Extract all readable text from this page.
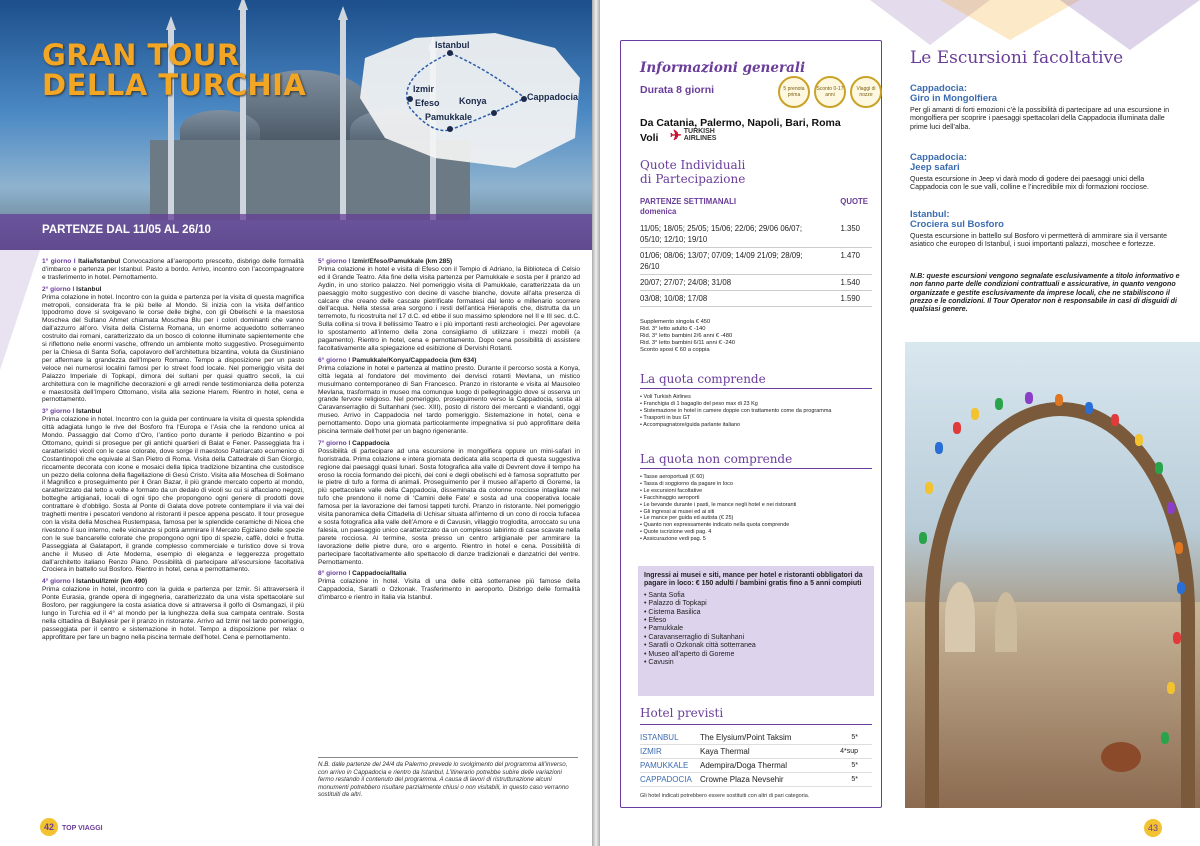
Istanbul
Izmir
Efeso Konya	Cappadocia
Pamukkale
GRAN TOUR
DELLA TURCHIA
PARTENZE DAL 11/05 AL 26/10

1° giorno I Italia/Istanbul Convocazione all’aeroporto prescelto, disbrigo delle formalità d’imbarco e partenza per Istanbul. Pasto a bordo. Arrivo, incontro con l’accompagnatore e trasferimento in hotel. Pernottamento.

2° giorno I Istanbul
Prima colazione in hotel. Incontro con la guida e partenza per la visita di questa magnifica metropoli, considerata fra le più belle al Mondo. Si inizia con la visita dell’antico Ippodromo dove si svolgevano le corse delle bighe, con gli Obelischi e la maestosa Moschea del Sultano Ahmet chiamata Moschea Blu per i colori dominanti che vanno dall’azzurro all’oro. Visita della Cisterna Romana, un enorme acquedotto sotterraneo costruito dai romani, caratterizzato da un bosco di colonne illuminate sapientemente che si riflettono nelle enormi vasche, offrendo un ambiente molto suggestivo. Proseguimento per la Chiesa di Santa Sofia, capolavoro dell’architettura bizantina, voluta da Giustiniano per affermare la grandezza dell’Impero Romano. Tempo a disposizione per un pasto veloce nei numerosi localini famosi per lo street food locale. Nel pomeriggio visita del Palazzo Imperiale di Topkapi, dimora dei sultani per quasi quattro secoli, la cui architettura con le magnifiche decorazioni e gli arredi rende testimonianza della potenza e maestosità dell’Impero Ottomano, visita alla sezione Harem. Rientro in hotel, cena e pernottamento.

3° giorno I Istanbul
Prima colazione in hotel. Incontro con la guida per continuare la visita di questa splendida città adagiata lungo le rive del Bosforo fra l’Europa e l’Asia che la rendono unica al Mondo. Passaggio dal Corno d’Oro, l’antico porto durante il periodo Bizantino e poi Ottomano, quindi si prosegue per gli antichi quartieri di Balat e Fener. Passeggiata fra i caratteristici vicoli con le case colorate, dove sorge il maestoso Patriarcato ecumenico di Costantinopoli che equivale al San Pietro di Roma. Visita della Cattedrale di San Giorgio, riccamente decorata con icone e mosaici della tipica tradizione bizantina che custodisce un pezzo della colonna della flagellazione di Gesù Cristo. Visita alla Moschea di Solimano il Magnifico e proseguimento per il Gran Bazar, il più grande mercato coperto al mondo, caratterizzato dal tetto a volte e formato da un dedalo di vicoli su cui si affacciano negozi, botteghe artigianali, locali di ogni tipo che propongono ogni genere di prodotti dove contrattare è d’obbligo. Sosta al Ponte di Galata dove potrete contemplare il via vai dei traghetti mentre i pescatori vendono al ristoranti il pesce appena pescato. Il tour prosegue con la visita della Moschea Rustempasa, famosa per le splendide ceramiche di Nicea che rivestono il suo interno, nelle vicinanze si potrà ammirare il Mercato Egiziano delle spezie con le sue bancarelle colorate che propongono ogni tipo di spezie, caffè, dolci e frutta. Passeggiata al Galataport, il grande complesso commerciale e turistico dove si trova anche il Museo di Arte Moderna, esempio di eleganza e leggerezza progettato dall’architetto italiano Renzo Piano. Possibilità di partecipare all’escursione facoltativa Crociera in battello sul Bosforo. Rientro in hotel, cena e pernottamento.

4° giorno I Istanbul/Izmir (km 490)
Prima colazione in hotel, incontro con la guida e partenza per Izmir. Si attraverserà il Ponte Eurasia, grande opera di ingegneria, caratterizzato da una vista spettacolare sul Bosforo, per raggiungere la costa asiatica dove si attraversa il golfo di Osmangazi, il più lungo in Turchia ed il 4° al mondo per la lunghezza della sua campata centrale. Sosta nella cittadina di Balykesir per il pranzo in ristorante. Arrivo ad Izmir nel tardo pomeriggio, passeggiata per il centro e sistemazione in hotel. Tempo a disposizione per relax o approfittare per fare un bagno nella piscina termale dell’hotel. Cena e pernottamento.

5° giorno I Izmir/Efeso/Pamukkale (km 285)
Prima colazione in hotel e visita di Efeso con il Tempio di Adriano, la Biblioteca di Celsio ed il Grande Teatro. Alla fine della visita partenza per Pamukkale e sosta per il pranzo ad Aydin, in uno storico palazzo. Nel pomeriggio visita di Pamukkale, caratterizzata da un paesaggio molto suggestivo con decine di vasche bianche, dovute all’alta presenza di calcare che creano delle cascate pietrificate formatesi dal lento e millenario scorrere dell’acqua. Nella stessa area sorgono i resti dell’antica Hierapolis che, distrutta da un terremoto, fu ricostruita nel 17 d.C. ed ebbe il suo massimo splendore nel II e III sec. d.C. Sulla collina si trova il bellissimo Teatro e i più importanti resti archeologici. Per agevolare lo spostamento all’interno della zona consigliamo di utilizzare i mezzi mobili (a pagamento). Rientro in hotel, cena e pernottamento. Dopo cena possibilità di assistere facoltativamente alla spiegazione ed esibizione di Dervishi Rotanti.

6° giorno I Pamukkale/Konya/Cappadocia (km 634)
Prima colazione in hotel e partenza al mattino presto. Durante il percorso sosta a Konya, città legata al fondatore del movimento dei dervisci rotanti Mevlana, un mistico musulmano contemporaneo di San Francesco. Pranzo in ristorante e visita al Mausoleo Mevlana, trasformato in museo ma comunque luogo di pellegrinaggio dove si osserva un grande fervore religioso. Nel pomeriggio, proseguimento verso la Cappadocia, sosta al Caravanserraglio di Sultanhani (sec. XIII), posto di ristoro dei mercanti e viandanti, oggi museo. Arrivo in Cappadocia nel tardo pomeriggio. Sistemazione in hotel, cena e pernottamento. Dopo una giornata particolarmente impegnativa si può approfittare della piscina termale dell’hotel per un bagno rigenerante.

7° giorno I Cappadocia
Possibilità di partecipare ad una escursione in mongolfiera oppure un mini-safari in fuoristrada. Prima colazione e intera giornata dedicata alla scoperta di questa suggestiva regione dai paesaggi quasi lunari. Sosta fotografica alla valle di Devrent dove il tempo ha eroso la roccia formando dei picchi, dei coni e degli obelischi ed è famosa soprattutto per le pietre di tufo a forma di animali. Proseguimento per il museo all’aperto di Goreme, la più spettacolare valle della Cappadocia, disseminata da colonne rocciose intagliate nel tufo che prendono il nome di ‘Camini delle Fate’ e sosta ad una cooperativa locale famosa per la lavorazione dei famosi tappeti turchi. Pranzo in ristorante. Nel pomeriggio visita panoramica della Cittadella di Uchisar situata all’interno di un cono di roccia tufacea e sosta fotografica alla valle dell’Amore e di Cavusin, villaggio troglodita, arroccato su una falesia, un paesaggio unico caratterizzato da un complesso labirinto di case scavate nella parete rocciosa. Al termine, sosta presso un centro artigianale per ammirare la lavorazione delle pietre dure, oro e argento. Rientro in hotel e cena. Possibilità di partecipare facoltativamente allo spettacolo di danze tradizionali e danzatrici del ventre. Pernottamento.

8° giorno I Cappadocia/Italia
Prima colazione in hotel. Visita di una delle città sotterranee più famose della Cappadocia, Saratli o Ozkonak. Trasferimento in aeroporto. Disbrigo delle formalità d’imbarco e rientro in Italia via Istanbul.

N.B. dalle partenze del 24/4 da Palermo prevede lo svolgimento del programma all’inverso, con arrivo in Cappadocia e rientro da Istanbul. L’itinerario potrebbe subire delle variazioni fermo restando il contenuto del programma. A causa di lavori di ristrutturazione alcuni monumenti potrebbero risultare parzialmente chiusi o non visitabili, in questo caso verranno sostituiti da altri.
42 TOP VIAGGI
Informazioni generali
Durata 8 giorni	5 prenota prima
Sconto 0-17 anni
Viaggi di nozze
Da Catania, Palermo, Napoli, Bari, Roma
Voli ✈ TURKISH AIRLINES
Quote Individuali
di Partecipazione
PARTENZE SETTIMANALI	QUOTE
domenica
11/05; 18/05; 25/05; 15/06; 22/06; 29/06 06/07; 05/10; 12/10; 19/10
1.350
01/06; 08/06; 13/07; 07/09; 14/09 21/09; 28/09; 26/10
1.470
20/07; 27/07; 24/08; 31/08	1.540
03/08; 10/08; 17/08	1.590
Supplemento singola € 450
Rid. 3° letto adulto € -140
Rid. 3° letto bambini 2/6 anni € -480
Rid. 3° letto bambini 6/11 anni € -240
Sconto sposi € 60 a coppia
La quota comprende
• Voli Turkish Airlines
• Franchigia di 1 bagaglio del peso max di 23 Kg
• Sistemazione in hotel in camere doppie con trattamento come da programma
• Trasporti in bus GT
• Accompagnatore/guida parlante italiano
La quota non comprende
• Tasse aeroportuali (€ 60)
• Tassa di soggiorno da pagare in loco
• Le escursioni facoltative
• Facchinaggio aeroporti
• Le bevande durante i pasti, le mance negli hotel e nei ristoranti
• Gli ingressi ai musei ed ai siti
• Le mance per guida ed autista (€ 25)
• Quanto non espressamente indicato nella quota comprende
• Quote iscrizione vedi pag. 4
• Assicurazione vedi pag. 5
Ingressi ai musei e siti, mance per hotel e ristoranti obbligatori da pagare in loco: € 150 adulti / bambini gratis fino a 5 anni compiuti
• Santa Sofia
• Palazzo di Topkapi
• Cisterna Basilica
• Efeso
• Pamukkale
• Caravanserraglio di Sultanhani
• Saratli o Ozkonak città sotterranea
• Museo all’aperto di Goreme
• Cavusin
Hotel previsti
ISTANBUL	The Elysium/Point Taksim	5*
IZMIR	Kaya Thermal	4*sup
PAMUKKALE Adempira/Doga Thermal	5*
CAPPADOCIA Crowne Plaza Nevsehir	5*
Gli hotel indicati potrebbero essere sostituiti con altri di pari categoria.
Le Escursioni facoltative
Cappadocia:
Giro in Mongolfiera
Per gli amanti di forti emozioni c’è la possibilità di partecipare ad una escursione in mongolfiera per scoprire i paesaggi spettacolari della Cappadocia illuminata dalle prime luci dell’alba.
Cappadocia:
Jeep safari
Questa escursione in Jeep vi darà modo di godere dei paesaggi unici della Cappadocia con le sue valli, colline e l’incredibile mix di formazioni rocciose.
Istanbul:
Crociera sul Bosforo
Questa escursione in battello sul Bosforo vi permetterà di ammirare sia il versante asiatico che europeo di Istanbul, i suoi importanti palazzi, moschee e fortezze.
N.B: queste escursioni vengono segnalate esclusivamente a titolo informativo e non fanno parte delle condizioni contrattuali e assicurative, in quanto vengono organizzate e gestite esclusivamente da imprese locali, che ne stabiliscono il prezzo e le condizioni. Il Tour Operator non è responsabile in casi di disguidi di qualsiasi genere.
43
